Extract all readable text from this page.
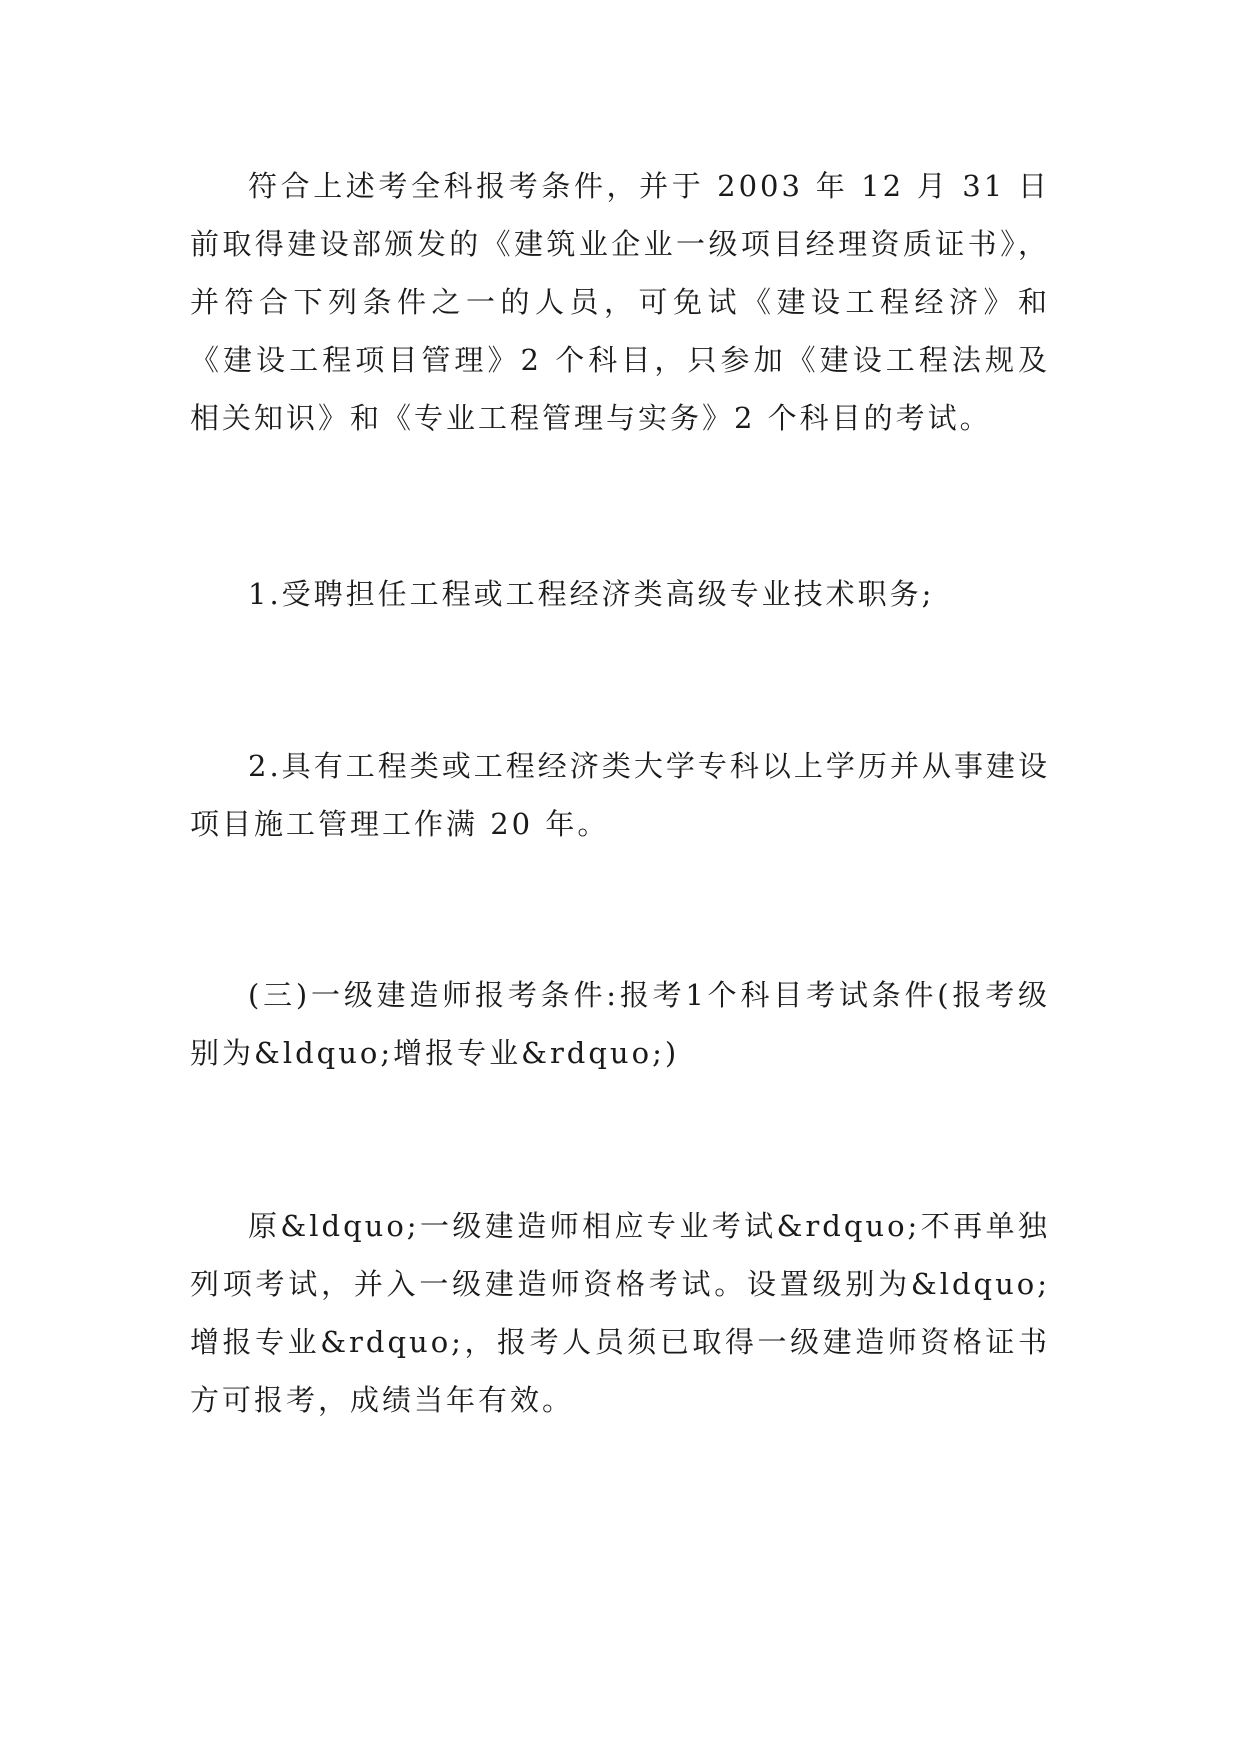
符合上述考全科报考条件，并于 2003 年 12 月 31 日前取得建设部颁发的《建筑业企业一级项目经理资质证书》，并符合下列条件之一的人员，可免试《建设工程经济》和《建设工程项目管理》2 个科目，只参加《建设工程法规及相关知识》和《专业工程管理与实务》2 个科目的考试。

1.受聘担任工程或工程经济类高级专业技术职务;

2.具有工程类或工程经济类大学专科以上学历并从事建设项目施工管理工作满 20 年。

(三)一级建造师报考条件:报考1个科目考试条件(报考级别为&ldquo;增报专业&rdquo;)

原&ldquo;一级建造师相应专业考试&rdquo;不再单独列项考试，并入一级建造师资格考试。设置级别为&ldquo;增报专业&rdquo;，报考人员须已取得一级建造师资格证书方可报考，成绩当年有效。
